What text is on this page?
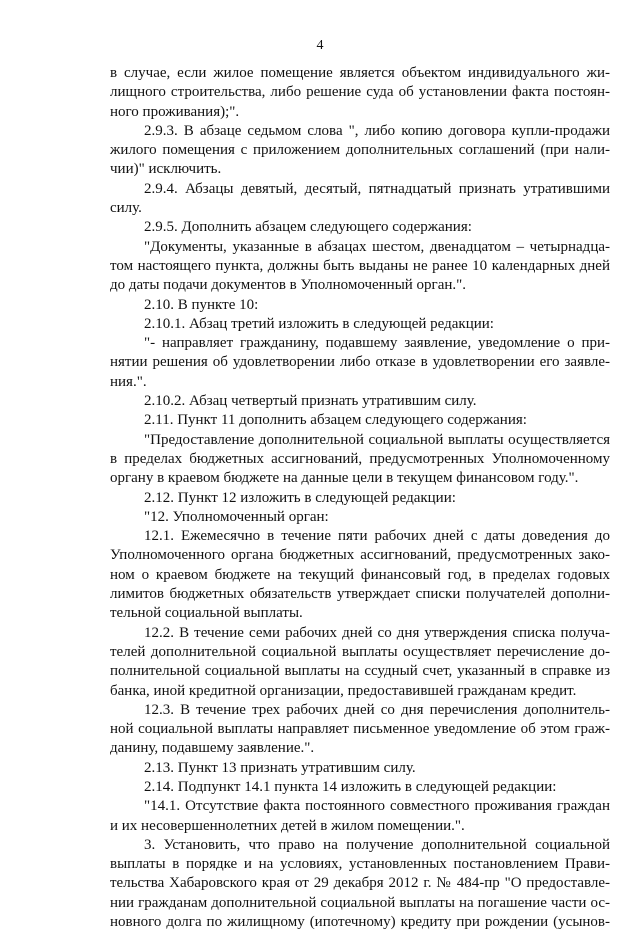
4

в случае, если жилое помещение является объектом индивидуального жи-

лищного строительства, либо решение суда об установлении факта постоян-

ного проживания);".

2.9.3. В абзаце седьмом слова ", либо копию договора купли-продажи

жилого помещения с приложением дополнительных соглашений (при нали-

чии)" исключить.

2.9.4. Абзацы девятый, десятый, пятнадцатый признать утратившими

силу.

2.9.5. Дополнить абзацем следующего содержания:

"Документы, указанные в абзацах шестом, двенадцатом – четырнадца-

том настоящего пункта, должны быть выданы не ранее 10 календарных дней

до даты подачи документов в Уполномоченный орган.".

2.10. В пункте 10:

2.10.1. Абзац третий изложить в следующей редакции:

"- направляет гражданину, подавшему заявление, уведомление о при-

нятии решения об удовлетворении либо отказе в удовлетворении его заявле-

ния.".

2.10.2. Абзац четвертый признать утратившим силу.

2.11. Пункт 11 дополнить абзацем следующего содержания:

"Предоставление дополнительной социальной выплаты осуществляется

в пределах бюджетных ассигнований, предусмотренных Уполномоченному

органу в краевом бюджете на данные цели в текущем финансовом году.".

2.12. Пункт 12 изложить в следующей редакции:

"12. Уполномоченный орган:

12.1. Ежемесячно в течение пяти рабочих дней с даты доведения до

Уполномоченного органа бюджетных ассигнований, предусмотренных зако-

ном о краевом бюджете на текущий финансовый год, в пределах годовых

лимитов бюджетных обязательств утверждает списки получателей дополни-

тельной социальной выплаты.

12.2. В течение семи рабочих дней со дня утверждения списка получа-

телей дополнительной социальной выплаты осуществляет перечисление до-

полнительной социальной выплаты на ссудный счет, указанный в справке из

банка, иной кредитной организации, предоставившей гражданам кредит.

12.3. В течение трех рабочих дней со дня перечисления дополнитель-

ной социальной выплаты направляет письменное уведомление об этом граж-

данину, подавшему заявление.".

2.13. Пункт 13 признать утратившим силу.

2.14. Подпункт 14.1 пункта 14 изложить в следующей редакции:

"14.1. Отсутствие факта постоянного совместного проживания граждан

и их несовершеннолетних детей в жилом помещении.".

3. Установить, что право на получение дополнительной социальной

выплаты в порядке и на условиях, установленных постановлением Прави-

тельства Хабаровского края от 29 декабря 2012 г. № 484-пр "О предоставле-

нии гражданам дополнительной социальной выплаты на погашение части ос-

новного долга по жилищному (ипотечному) кредиту при рождении (усынов-
